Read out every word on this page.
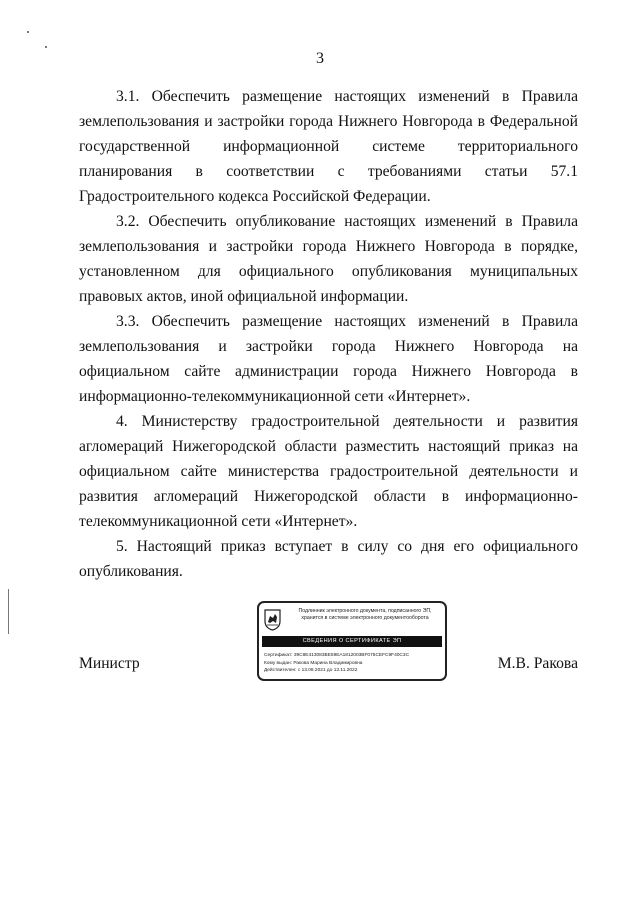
3

3.1. Обеспечить размещение настоящих изменений в Правила землепользования и застройки города Нижнего Новгорода в Федеральной государственной информационной системе территориального планирования в соответствии с требованиями статьи 57.1 Градостроительного кодекса Российской Федерации.

3.2. Обеспечить опубликование настоящих изменений в Правила землепользования и застройки города Нижнего Новгорода в порядке, установленном для официального опубликования муниципальных правовых актов, иной официальной информации.

3.3. Обеспечить размещение настоящих изменений в Правила землепользования и застройки города Нижнего Новгорода на официальном сайте администрации города Нижнего Новгорода в информационно-телекоммуникационной сети «Интернет».

4. Министерству градостроительной деятельности и развития агломераций Нижегородской области разместить настоящий приказ на официальном сайте министерства градостроительной деятельности и развития агломераций Нижегородской области в информационно-телекоммуникационной сети «Интернет».

5. Настоящий приказ вступает в силу со дня его официального опубликования.

Министр	М.В. Ракова
Подлинник электронного документа, подписанного ЭП,
хранится в системе электронного документооборота
СВЕДЕНИЯ О СЕРТИФИКАТЕ ЭП
Сертификат: 39C8E413083BE59EA1812003BF075CEFC9F40C3C
Кому выдан: Ракова Марина Владимировна
Действителен: с 13.08.2021 до 13.11.2022
